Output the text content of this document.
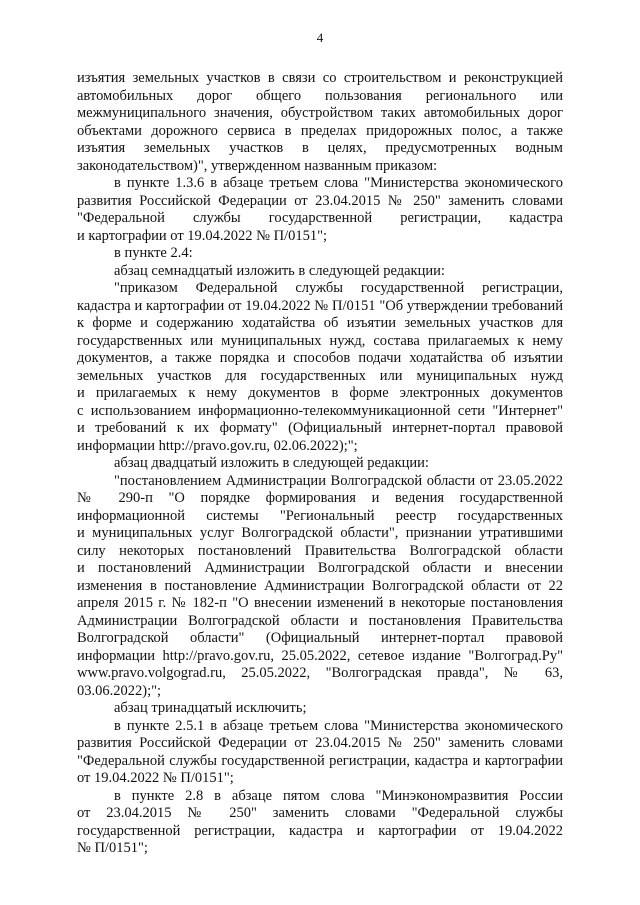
4
изъятия земельных участков в связи со строительством и реконструкцией
автомобильных дорог общего пользования регионального или
межмуниципального значения, обустройством таких автомобильных дорог
объектами дорожного сервиса в пределах придорожных полос, а также
изъятия земельных участков в целях, предусмотренных водным
законодательством)", утвержденном названным приказом:
в пункте 1.3.6 в абзаце третьем слова "Министерства экономического
развития Российской Федерации от 23.04.2015 № 250" заменить словами
"Федеральной службы государственной регистрации, кадастра
и картографии от 19.04.2022 № П/0151";
в пункте 2.4:
абзац семнадцатый изложить в следующей редакции:
"приказом Федеральной службы государственной регистрации,
кадастра и картографии от 19.04.2022 № П/0151 "Об утверждении требований
к форме и содержанию ходатайства об изъятии земельных участков для
государственных или муниципальных нужд, состава прилагаемых к нему
документов, а также порядка и способов подачи ходатайства об изъятии
земельных участков для государственных или муниципальных нужд
и прилагаемых к нему документов в форме электронных документов
с использованием информационно-телекоммуникационной сети "Интернет"
и требований к их формату" (Официальный интернет-портал правовой
информации http://pravo.gov.ru, 02.06.2022);";
абзац двадцатый изложить в следующей редакции:
"постановлением Администрации Волгоградской области от 23.05.2022
№ 290-п "О порядке формирования и ведения государственной
информационной системы "Региональный реестр государственных
и муниципальных услуг Волгоградской области", признании утратившими
силу некоторых постановлений Правительства Волгоградской области
и постановлений Администрации Волгоградской области и внесении
изменения в постановление Администрации Волгоградской области от 22
апреля 2015 г. № 182-п "О внесении изменений в некоторые постановления
Администрации Волгоградской области и постановления Правительства
Волгоградской области" (Официальный интернет-портал правовой
информации http://pravo.gov.ru, 25.05.2022, сетевое издание "Волгоград.Ру"
www.pravo.volgograd.ru, 25.05.2022, "Волгоградская правда", № 63,
03.06.2022);";
абзац тринадцатый исключить;
в пункте 2.5.1 в абзаце третьем слова "Министерства экономического
развития Российской Федерации от 23.04.2015 № 250" заменить словами
"Федеральной службы государственной регистрации, кадастра и картографии
от 19.04.2022 № П/0151";
в пункте 2.8 в абзаце пятом слова "Минэкономразвития России
от 23.04.2015 № 250" заменить словами "Федеральной службы
государственной регистрации, кадастра и картографии от 19.04.2022
№ П/0151";
